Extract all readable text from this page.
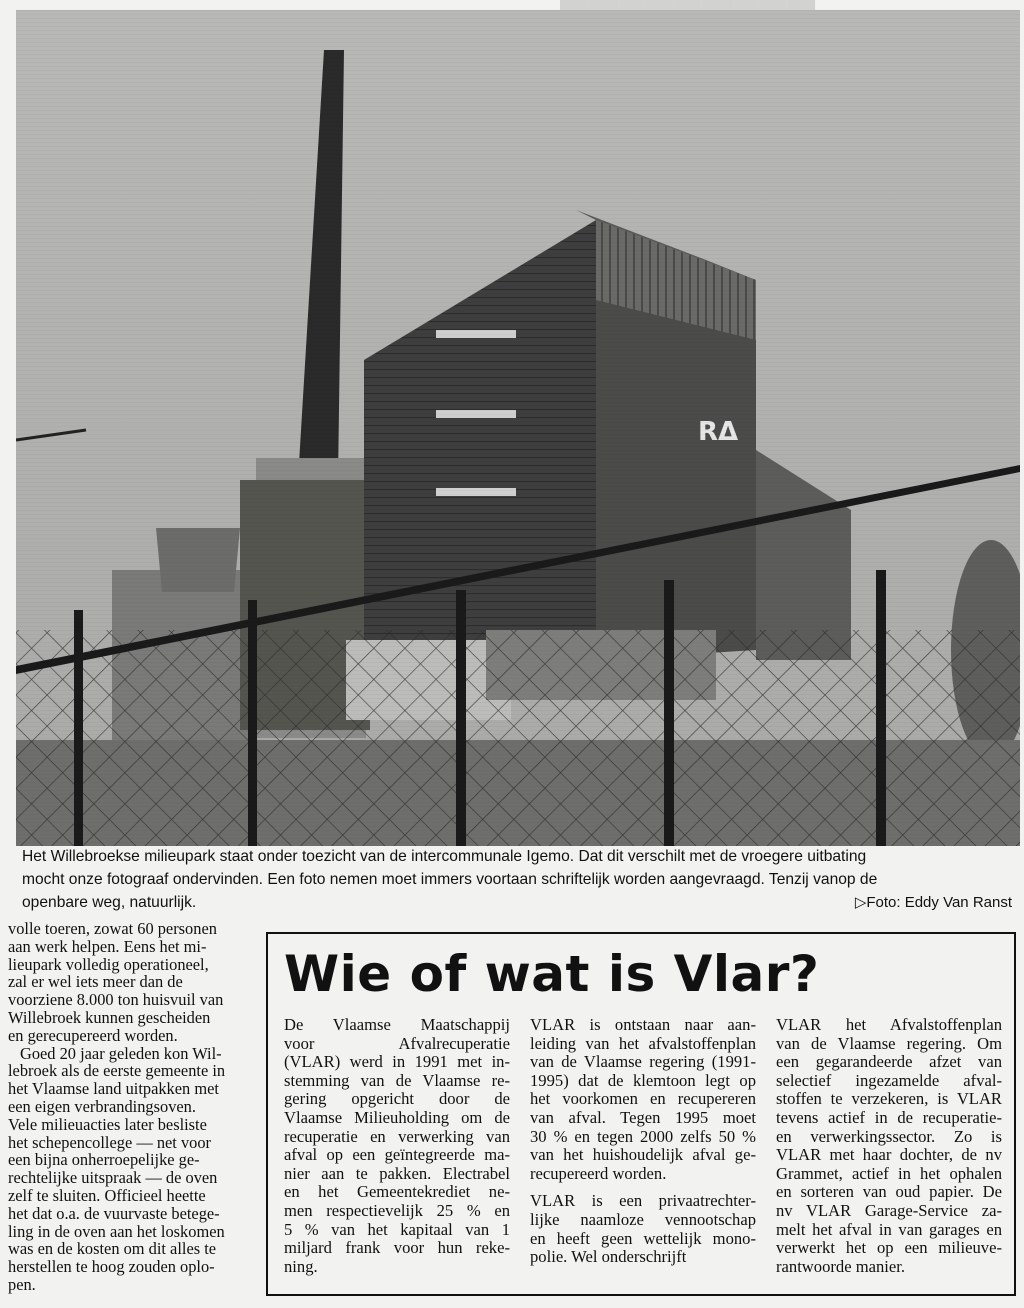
Het Willebroekse milieupark staat onder toezicht van de intercommunale Igemo. Dat dit verschilt met de vroegere uitbating
mocht onze fotograaf ondervinden. Een foto nemen moet immers voortaan schriftelijk worden aangevraagd. Tenzij vanop de
openbare weg, natuurlijk.	▷Foto: Eddy Van Ranst
volle toeren, zowat 60 personen
aan werk helpen. Eens het mi-
lieupark volledig operationeel,
zal er wel iets meer dan de
voorziene 8.000 ton huisvuil van
Willebroek kunnen gescheiden
en gerecupereerd worden.
Goed 20 jaar geleden kon Wil-
lebroek als de eerste gemeente in
het Vlaamse land uitpakken met
een eigen verbrandingsoven.
Vele milieuacties later besliste
het schepencollege — net voor
een bijna onherroepelijke ge-
rechtelijke uitspraak — de oven
zelf te sluiten. Officieel heette
het dat o.a. de vuurvaste betege-
ling in de oven aan het loskomen
was en de kosten om dit alles te
herstellen te hoog zouden oplo-
pen.
Wie of wat is Vlar?
De Vlaamse Maatschappij
voor Afvalrecuperatie
(VLAR) werd in 1991 met in-
stemming van de Vlaamse re-
gering opgericht door de
Vlaamse Milieuholding om de
recuperatie en verwerking van
afval op een geïntegreerde ma-
nier aan te pakken. Electrabel
en het Gemeentekrediet ne-
men respectievelijk 25 % en
5 % van het kapitaal van 1
miljard frank voor hun reke-
ning.
VLAR is ontstaan naar aan-
leiding van het afvalstoffenplan
van de Vlaamse regering (1991-
1995) dat de klemtoon legt op
het voorkomen en recupereren
van afval. Tegen 1995 moet
30 % en tegen 2000 zelfs 50 %
van het huishoudelijk afval ge-
recupereerd worden.
VLAR is een privaatrechter-
lijke naamloze vennootschap
en heeft geen wettelijk mono-
polie. Wel onderschrijft
VLAR het Afvalstoffenplan
van de Vlaamse regering. Om
een gegarandeerde afzet van
selectief ingezamelde afval-
stoffen te verzekeren, is VLAR
tevens actief in de recuperatie-
en verwerkingssector. Zo is
VLAR met haar dochter, de nv
Grammet, actief in het ophalen
en sorteren van oud papier. De
nv VLAR Garage-Service za-
melt het afval in van garages en
verwerkt het op een milieuve-
rantwoorde manier.
